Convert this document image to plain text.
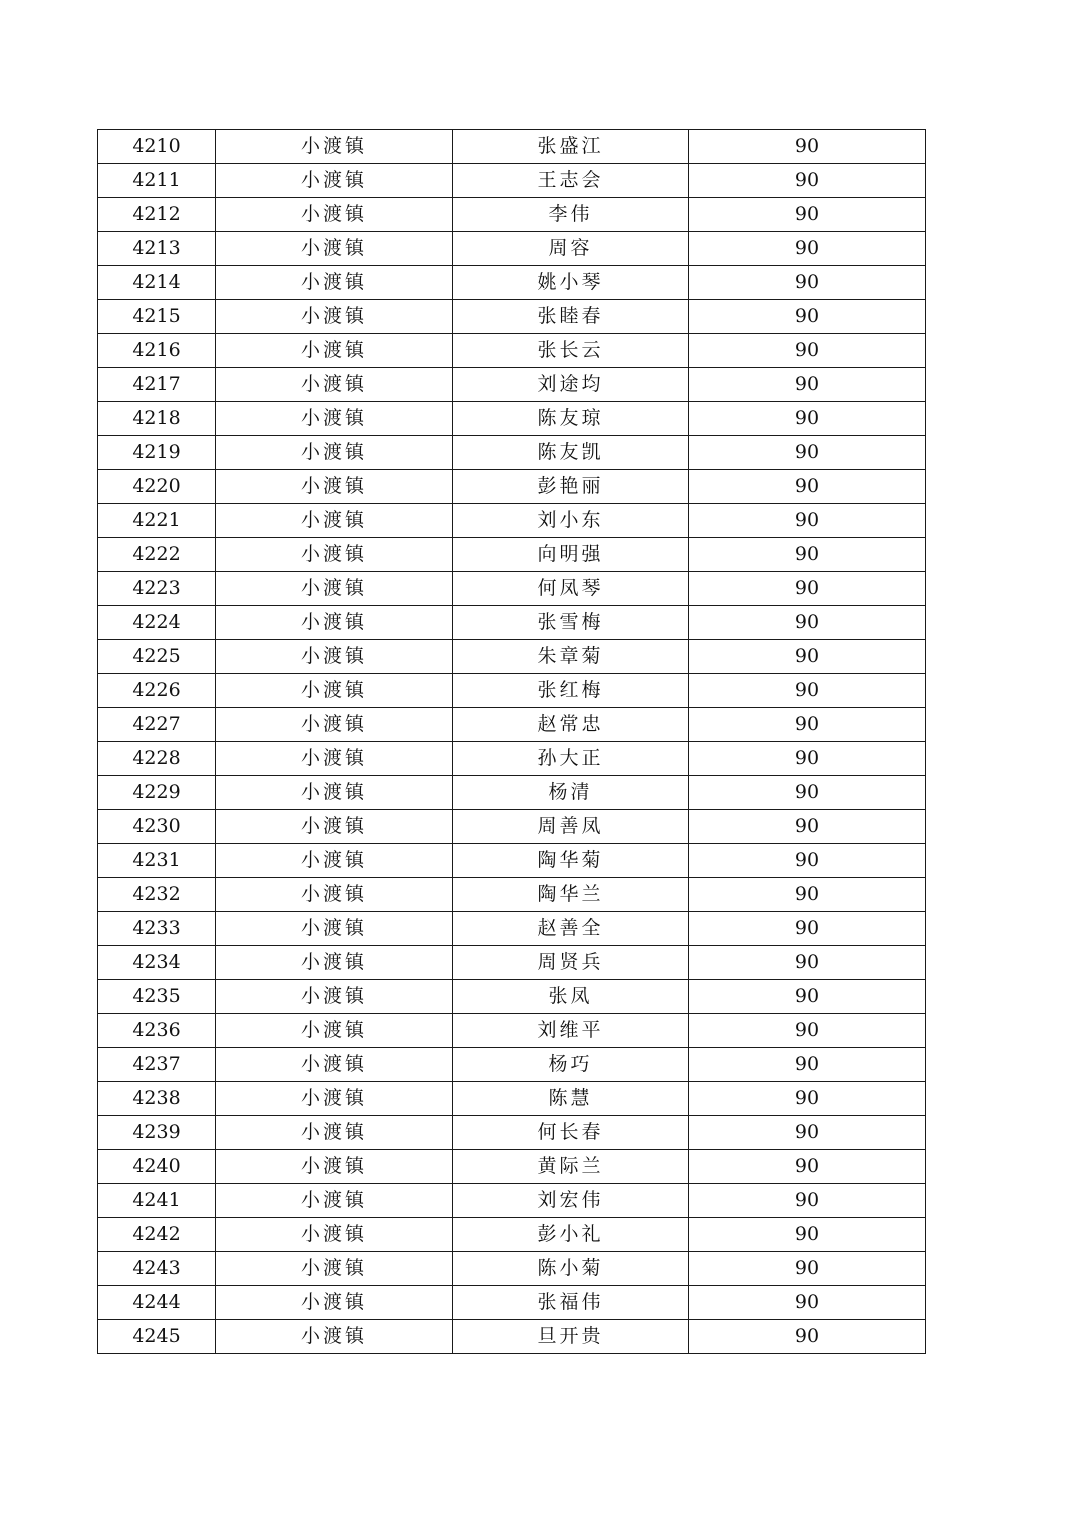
4210	小渡镇	张盛江	90
4211	小渡镇	王志会	90
4212	小渡镇	李伟	90
4213	小渡镇	周容	90
4214	小渡镇	姚小琴	90
4215	小渡镇	张睦春	90
4216	小渡镇	张长云	90
4217	小渡镇	刘途均	90
4218	小渡镇	陈友琼	90
4219	小渡镇	陈友凯	90
4220	小渡镇	彭艳丽	90
4221	小渡镇	刘小东	90
4222	小渡镇	向明强	90
4223	小渡镇	何凤琴	90
4224	小渡镇	张雪梅	90
4225	小渡镇	朱章菊	90
4226	小渡镇	张红梅	90
4227	小渡镇	赵常忠	90
4228	小渡镇	孙大正	90
4229	小渡镇	杨清	90
4230	小渡镇	周善凤	90
4231	小渡镇	陶华菊	90
4232	小渡镇	陶华兰	90
4233	小渡镇	赵善全	90
4234	小渡镇	周贤兵	90
4235	小渡镇	张凤	90
4236	小渡镇	刘维平	90
4237	小渡镇	杨巧	90
4238	小渡镇	陈慧	90
4239	小渡镇	何长春	90
4240	小渡镇	黄际兰	90
4241	小渡镇	刘宏伟	90
4242	小渡镇	彭小礼	90
4243	小渡镇	陈小菊	90
4244	小渡镇	张福伟	90
4245	小渡镇	旦开贵	90
